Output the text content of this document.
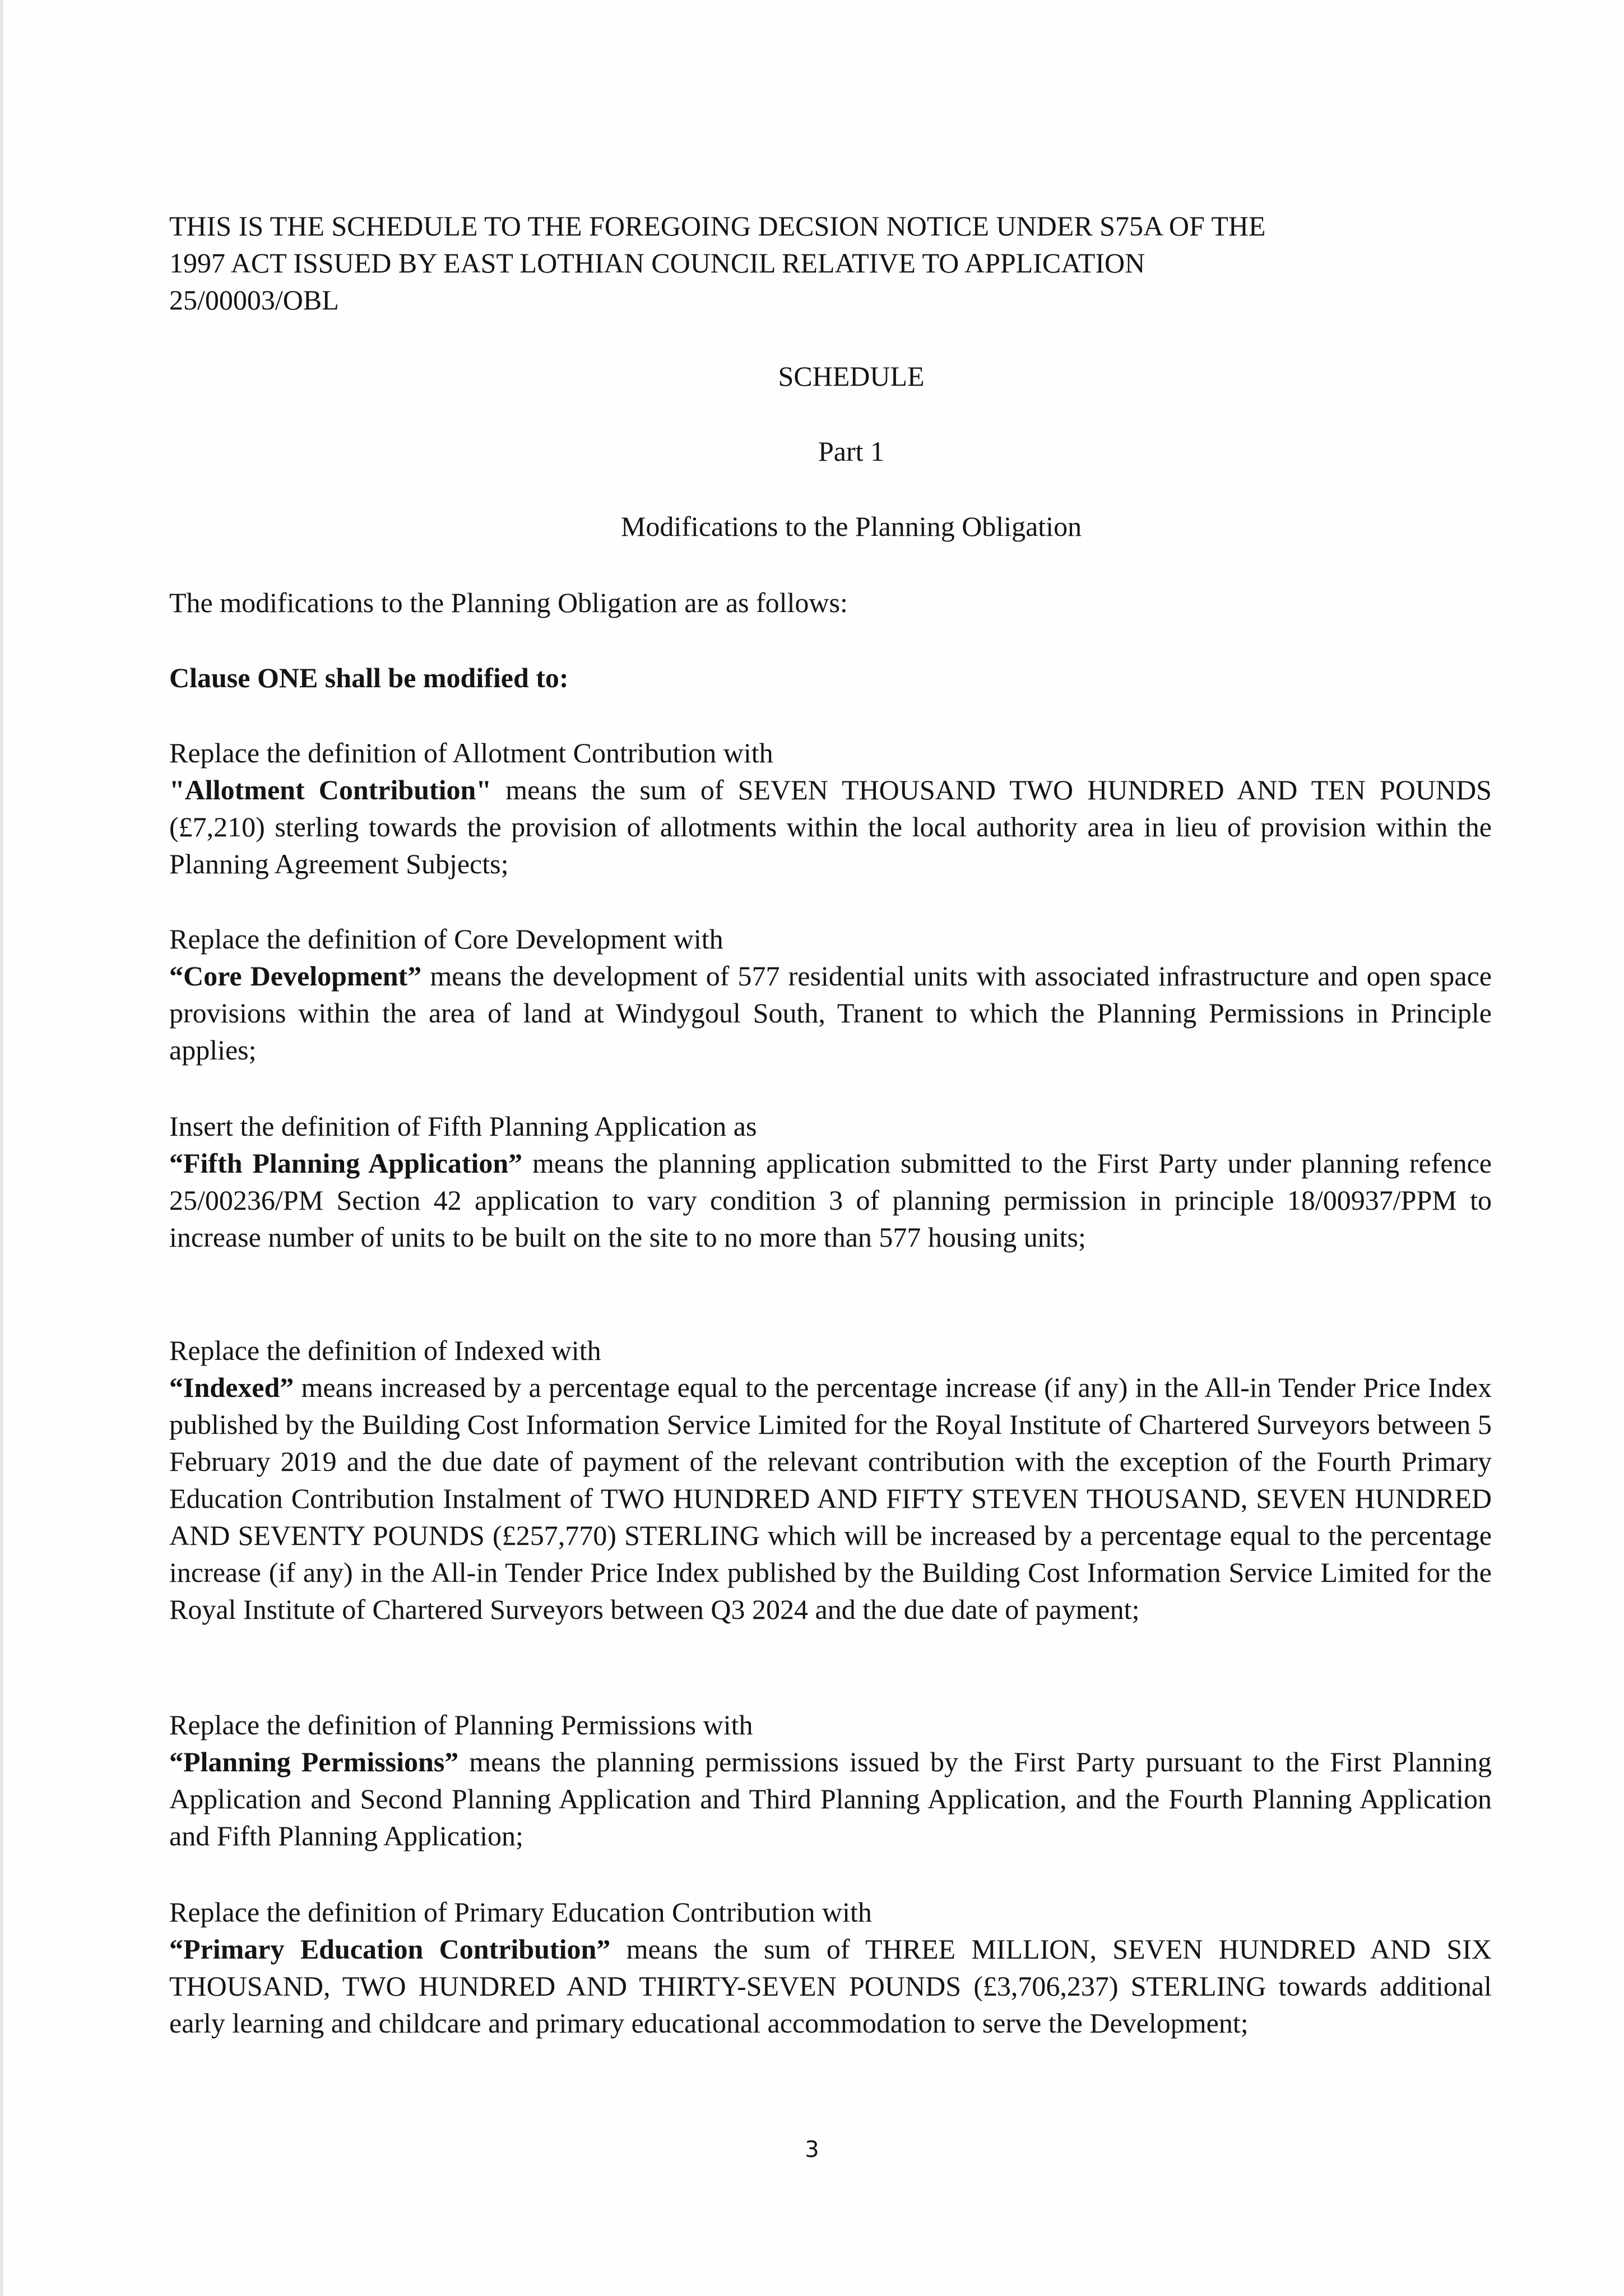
THIS IS THE SCHEDULE TO THE FOREGOING DECSION NOTICE UNDER S75A OF THE

1997 ACT ISSUED BY EAST LOTHIAN COUNCIL RELATIVE TO APPLICATION

25/00003/OBL

SCHEDULE
Part 1
Modifications to the Planning Obligation
The modifications to the Planning Obligation are as follows:
Clause ONE shall be modified to:

Replace the definition of Allotment Contribution with

"Allotment Contribution" means the sum of SEVEN THOUSAND TWO HUNDRED AND TEN POUNDS (£7,210) sterling towards the provision of allotments within the local authority area in lieu of provision within the Planning Agreement Subjects;

Replace the definition of Core Development with

“Core Development” means the development of 577 residential units with associated infrastructure and open space provisions within the area of land at Windygoul South, Tranent to which the Planning Permissions in Principle applies;

Insert the definition of Fifth Planning Application as

“Fifth Planning Application” means the planning application submitted to the First Party under planning refence 25/00236/PM Section 42 application to vary condition 3 of planning permission in principle 18/00937/PPM to increase number of units to be built on the site to no more than 577 housing units;

Replace the definition of Indexed with

“Indexed” means increased by a percentage equal to the percentage increase (if any) in the All-in Tender Price Index published by the Building Cost Information Service Limited for the Royal Institute of Chartered Surveyors between 5 February 2019 and the due date of payment of the relevant contribution with the exception of the Fourth Primary Education Contribution Instalment of TWO HUNDRED AND FIFTY STEVEN THOUSAND, SEVEN HUNDRED AND SEVENTY POUNDS (£257,770) STERLING which will be increased by a percentage equal to the percentage increase (if any) in the All-in Tender Price Index published by the Building Cost Information Service Limited for the Royal Institute of Chartered Surveyors between Q3 2024 and the due date of payment;

Replace the definition of Planning Permissions with

“Planning Permissions” means the planning permissions issued by the First Party pursuant to the First Planning Application and Second Planning Application and Third Planning Application, and the Fourth Planning Application and Fifth Planning Application;

Replace the definition of Primary Education Contribution with

“Primary Education Contribution” means the sum of THREE MILLION, SEVEN HUNDRED AND SIX THOUSAND, TWO HUNDRED AND THIRTY-SEVEN POUNDS (£3,706,237) STERLING towards additional early learning and childcare and primary educational accommodation to serve the Development;

3
